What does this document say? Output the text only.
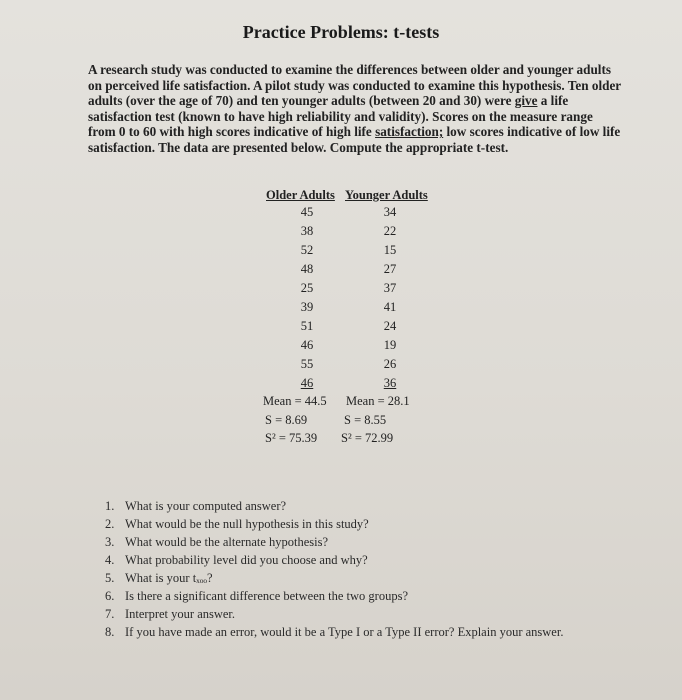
Practice Problems: t-tests
A research study was conducted to examine the differences between older and younger adults on perceived life satisfaction. A pilot study was conducted to examine this hypothesis. Ten older adults (over the age of 70) and ten younger adults (between 20 and 30) were give a life satisfaction test (known to have high reliability and validity). Scores on the measure range from 0 to 60 with high scores indicative of high life satisfaction; low scores indicative of low life satisfaction. The data are presented below. Compute the appropriate t-test.
Older Adults Younger Adults
45	34
38	22
52	15
48	27
25	37
39	41
51	24
46	19
55	26
46	36
Mean = 44.5 Mean = 28.1
S = 8.69	S = 8.55
S² = 75.39 S² = 72.99
1. What is your computed answer?
2. What would be the null hypothesis in this study?
3. What would be the alternate hypothesis?
4. What probability level did you choose and why?
5. What is your tₓₒₒ?
6. Is there a significant difference between the two groups?
7. Interpret your answer.
8. If you have made an error, would it be a Type I or a Type II error? Explain your answer.
